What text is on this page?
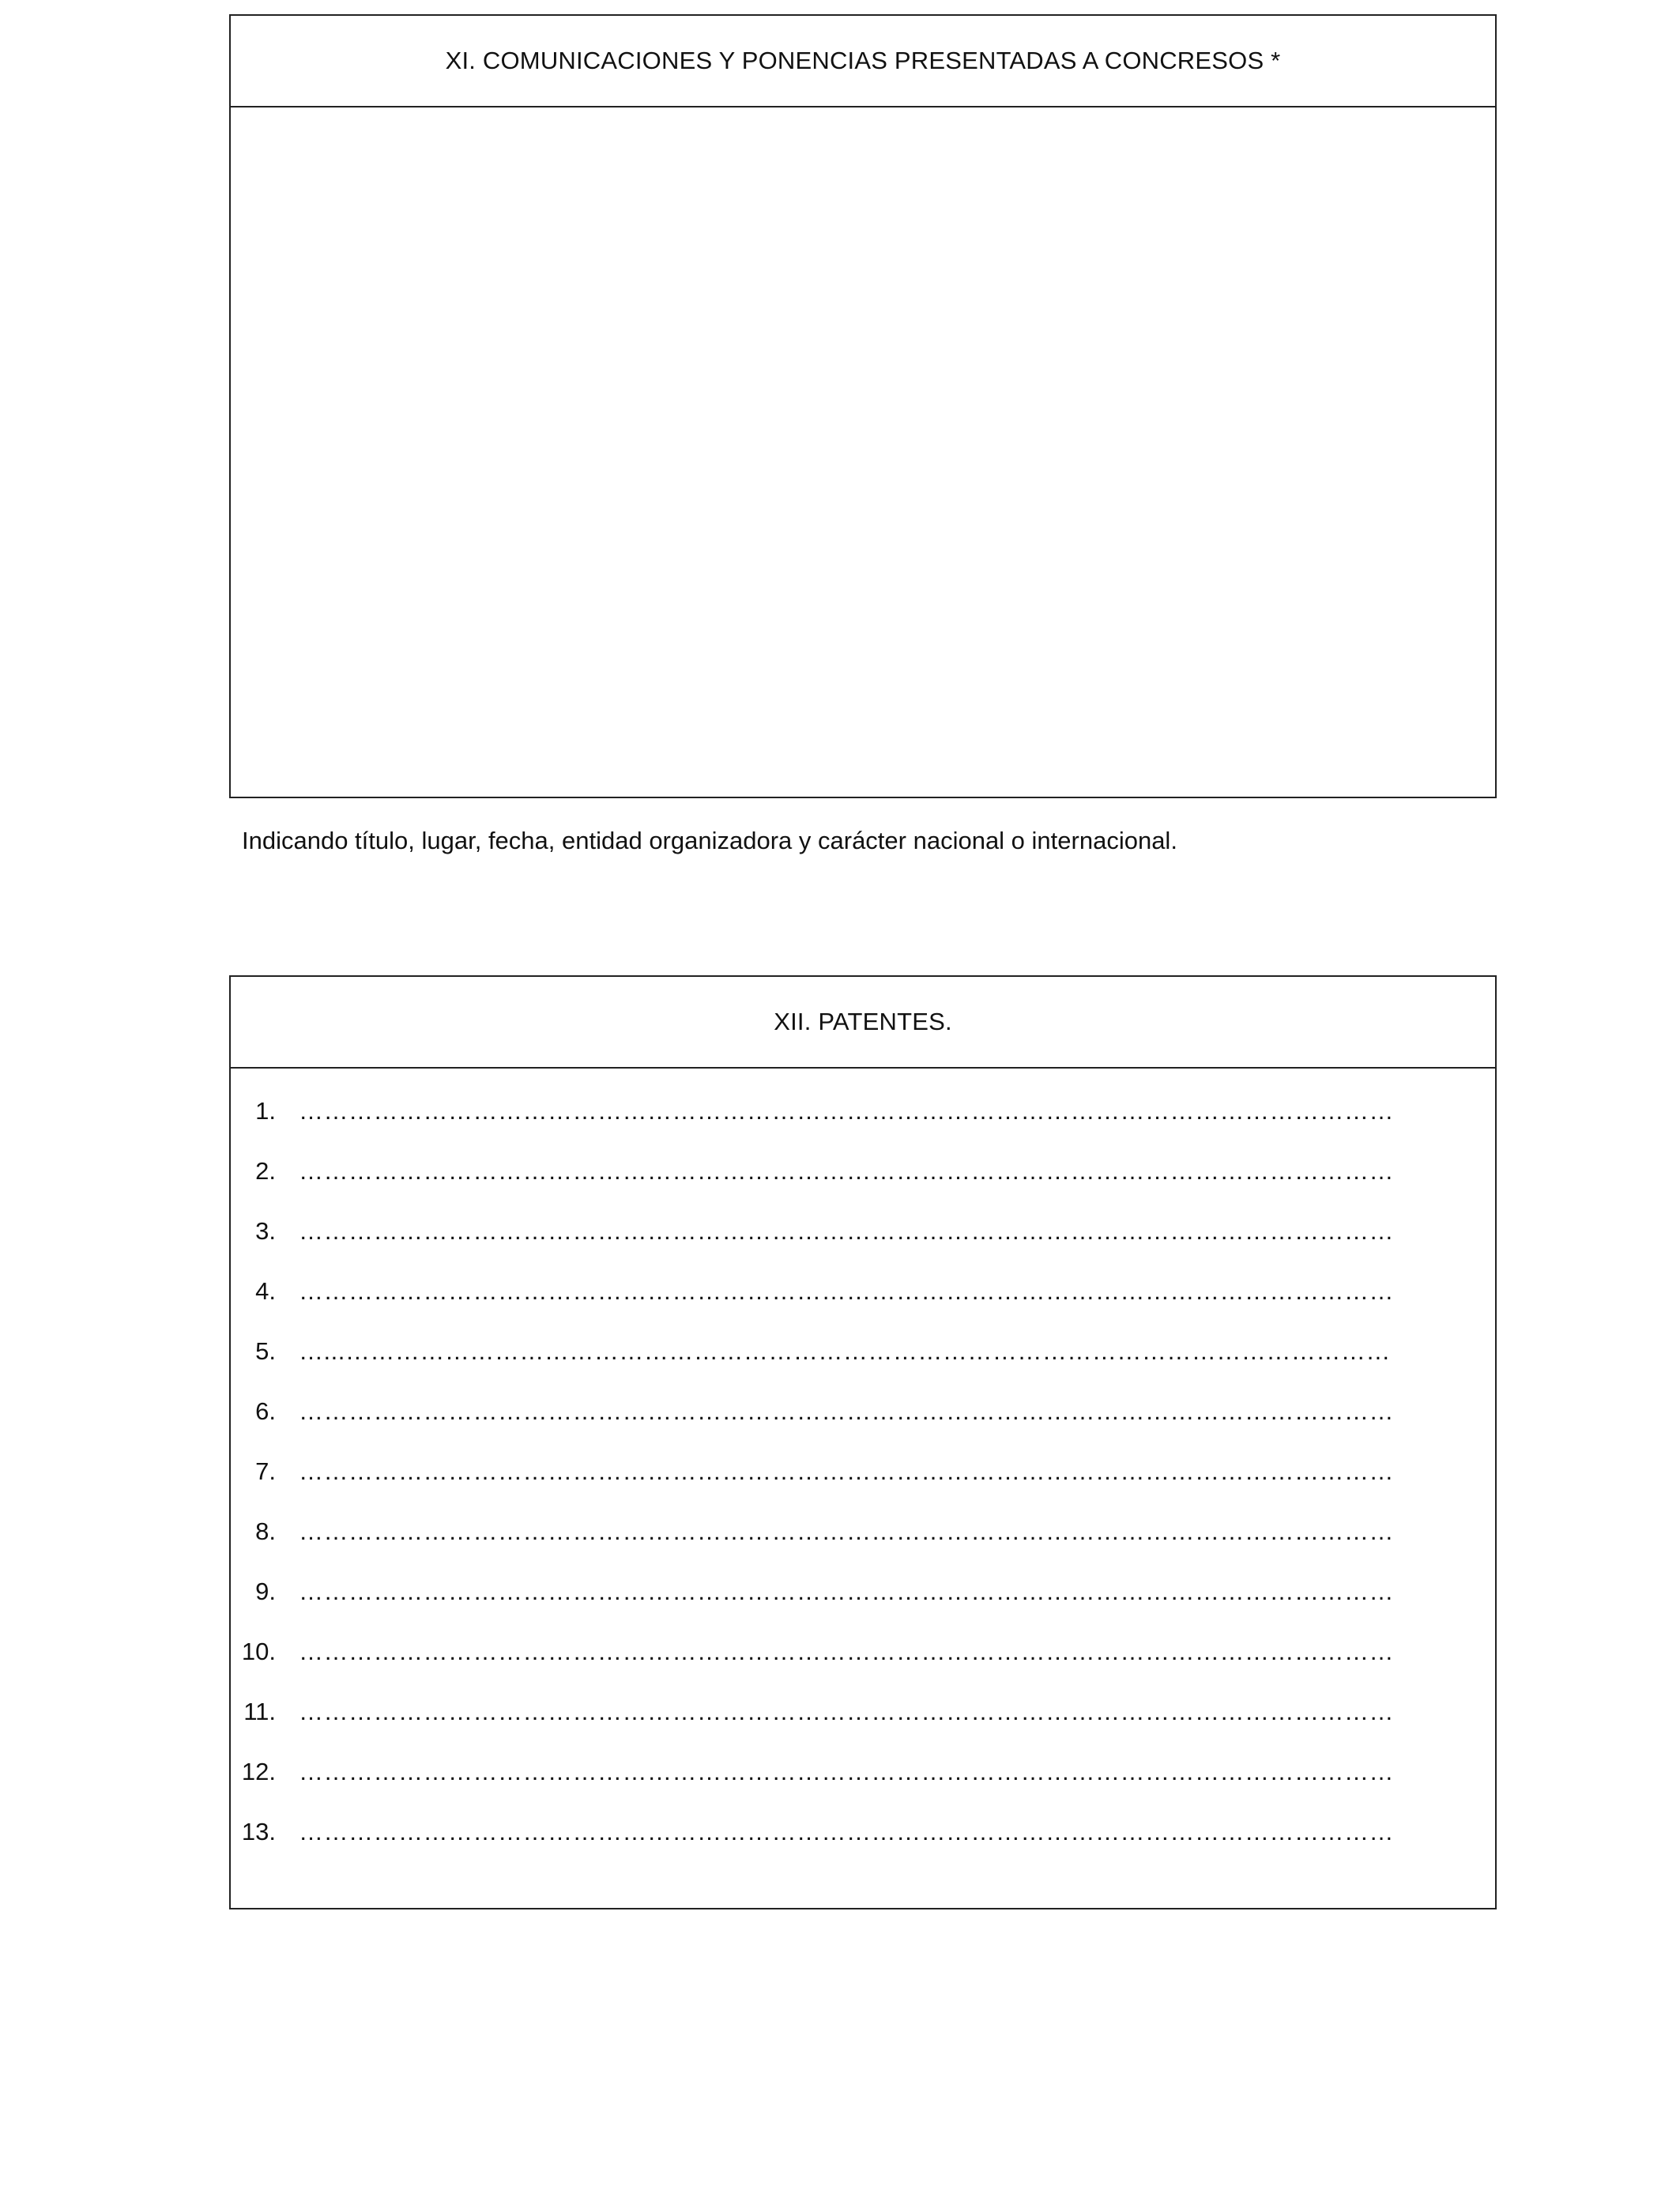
XI. COMUNICACIONES Y PONENCIAS PRESENTADAS A CONCRESOS *
Indicando título, lugar, fecha, entidad organizadora y carácter nacional o internacional.
XII. PATENTES.
1. ……………………………………………………………………………………………………………………
2. ……………………………………………………………………………………………………………………
3. ……………………………………………………………………………………………………………………
4. ……………………………………………………………………………………………………………………
5. …...………………………………………………………………………………………………………………
6. ……………………………………………………………………………………………………………………
7. ……………………………………………………………………………………………………………………
8. ……………………………………………………………………………………………………………………
9. ……………………………………………………………………………………………………………………
10. ……………………………………………………………………………………………………………………
11. ……………………………………………………………………………………………………………………
12. ……………………………………………………………………………………………………………………
13. ……………………………………………………………………………………………………………………
